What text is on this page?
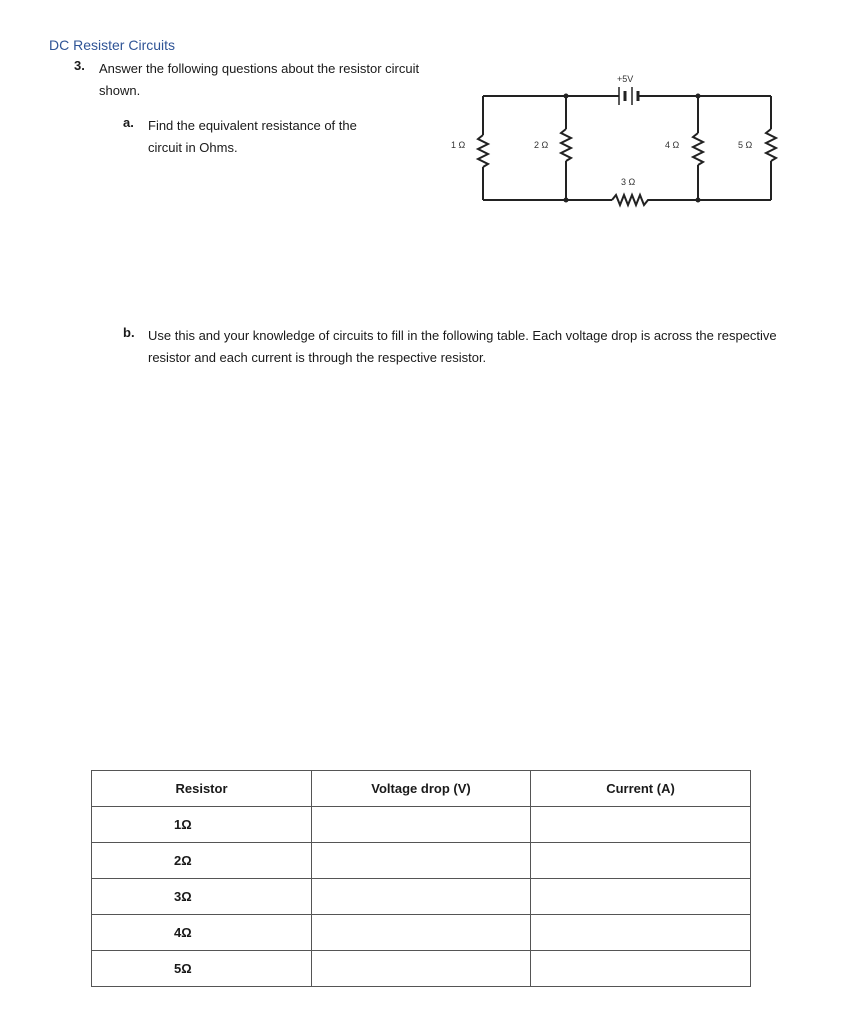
DC Resister Circuits
3. Answer the following questions about the resistor circuit shown.
a. Find the equivalent resistance of the circuit in Ohms.
+5V
1 Ω	2 Ω
3 Ω
4 Ω	5 Ω
b. Use this and your knowledge of circuits to fill in the following table. Each voltage drop is across the respective resistor and each current is through the respective resistor.
Resistor	Voltage drop (V)	Current (A)
1Ω		
2Ω		
3Ω		
4Ω		
5Ω		
